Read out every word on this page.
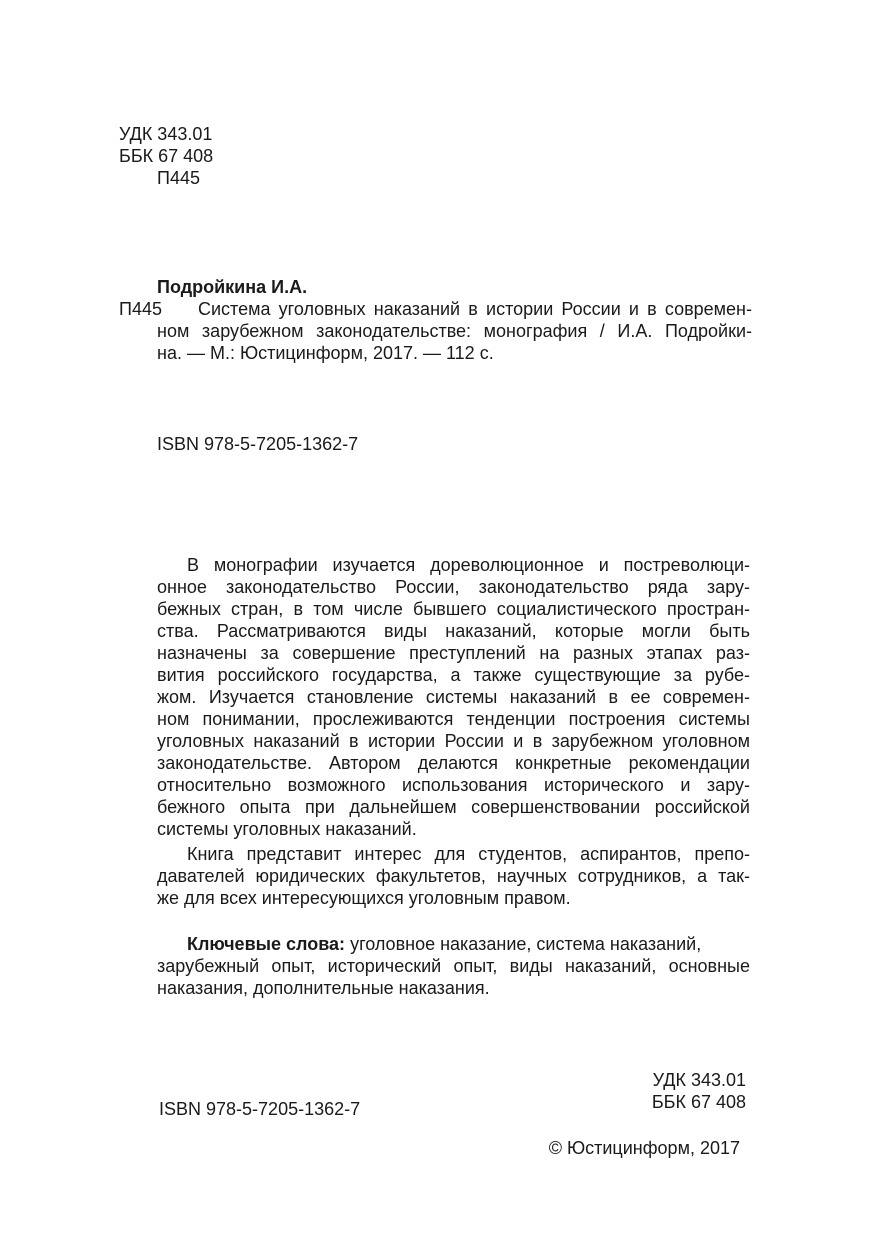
УДК 343.01
ББК 67 408
П445
Подройкина И.А.
П445 Система уголовных наказаний в истории России и в современ-
ном зарубежном законодательстве: монография / И.А. Подройки-
на. — М.: Юстицинформ, 2017. — 112 с.
ISBN 978-5-7205-1362-7
В монографии изучается дореволюционное и постреволюци-
онное законодательство России, законодательство ряда зару-
бежных стран, в том числе бывшего социалистического простран-
ства. Рассматриваются виды наказаний, которые могли быть
назначены за совершение преступлений на разных этапах раз-
вития российского государства, а также существующие за рубе-
жом. Изучается становление системы наказаний в ее современ-
ном понимании, прослеживаются тенденции построения системы
уголовных наказаний в истории России и в зарубежном уголовном
законодательстве. Автором делаются конкретные рекомендации
относительно возможного использования исторического и зару-
бежного опыта при дальнейшем совершенствовании российской
системы уголовных наказаний.
Книга представит интерес для студентов, аспирантов, препо-
давателей юридических факультетов, научных сотрудников, а так-
же для всех интересующихся уголовным правом.
Ключевые слова: уголовное наказание, система наказаний,
зарубежный опыт, исторический опыт, виды наказаний, основные
наказания, дополнительные наказания.
УДК 343.01
ББК 67 408
ISBN 978-5-7205-1362-7
© Юстицинформ, 2017
